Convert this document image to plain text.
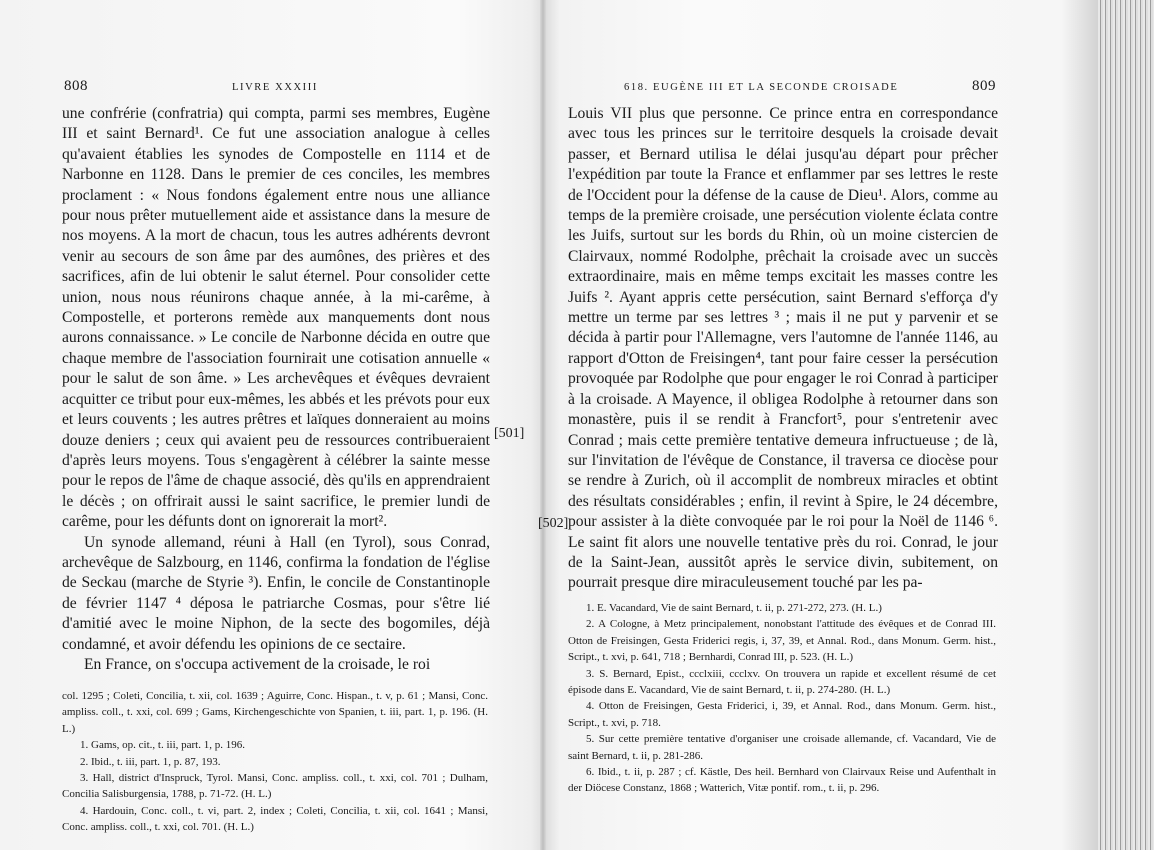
808	LIVRE XXXIII

une confrérie (confratria) qui compta, parmi ses membres, Eugène III et saint Bernard¹. Ce fut une association analogue à celles qu'avaient établies les synodes de Compostelle en 1114 et de Narbonne en 1128. Dans le premier de ces conciles, les membres proclament : « Nous fondons également entre nous une alliance pour nous prêter mutuellement aide et assistance dans la mesure de nos moyens. A la mort de chacun, tous les autres adhérents devront venir au secours de son âme par des aumônes, des prières et des sacrifices, afin de lui obtenir le salut éternel. Pour consolider cette union, nous nous réunirons chaque année, à la mi-carême, à Compostelle, et porterons remède aux manquements dont nous aurons connaissance. » Le concile de Narbonne décida en outre que chaque membre de l'association fournirait une cotisation annuelle « pour le salut de son âme. » Les archevêques et évêques devraient acquitter ce tribut pour eux-mêmes, les abbés et les prévots pour eux et leurs couvents ; les autres prêtres et laïques donneraient au moins douze deniers ; ceux qui avaient peu de ressources contribueraient d'après leurs moyens. Tous s'engagèrent à célébrer la sainte messe pour le repos de l'âme de chaque associé, dès qu'ils en apprendraient le décès ; on offrirait aussi le saint sacrifice, le premier lundi de carême, pour les défunts dont on ignorerait la mort².

Un synode allemand, réuni à Hall (en Tyrol), sous Conrad, archevêque de Salzbourg, en 1146, confirma la fondation de l'église de Seckau (marche de Styrie ³). Enfin, le concile de Constantinople de février 1147 ⁴ déposa le patriarche Cosmas, pour s'être lié d'amitié avec le moine Niphon, de la secte des bogomiles, déjà condamné, et avoir défendu les opinions de ce sectaire.

En France, on s'occupa activement de la croisade, le roi

[501]

col. 1295 ; Coleti, Concilia, t. xii, col. 1639 ; Aguirre, Conc. Hispan., t. v, p. 61 ; Mansi, Conc. ampliss. coll., t. xxi, col. 699 ; Gams, Kirchengeschichte von Spanien, t. iii, part. 1, p. 196. (H. L.)

1. Gams, op. cit., t. iii, part. 1, p. 196.

2. Ibid., t. iii, part. 1, p. 87, 193.

3. Hall, district d'Inspruck, Tyrol. Mansi, Conc. ampliss. coll., t. xxi, col. 701 ; Dulham, Concilia Salisburgensia, 1788, p. 71-72. (H. L.)

4. Hardouin, Conc. coll., t. vi, part. 2, index ; Coleti, Concilia, t. xii, col. 1641 ; Mansi, Conc. ampliss. coll., t. xxi, col. 701. (H. L.)

618. EUGÈNE III ET LA SECONDE CROISADE	809
[502]

Louis VII plus que personne. Ce prince entra en correspondance avec tous les princes sur le territoire desquels la croisade devait passer, et Bernard utilisa le délai jusqu'au départ pour prêcher l'expédition par toute la France et enflammer par ses lettres le reste de l'Occident pour la défense de la cause de Dieu¹. Alors, comme au temps de la première croisade, une persécution violente éclata contre les Juifs, surtout sur les bords du Rhin, où un moine cistercien de Clairvaux, nommé Rodolphe, prêchait la croisade avec un succès extraordinaire, mais en même temps excitait les masses contre les Juifs ². Ayant appris cette persécution, saint Bernard s'efforça d'y mettre un terme par ses lettres ³ ; mais il ne put y parvenir et se décida à partir pour l'Allemagne, vers l'automne de l'année 1146, au rapport d'Otton de Freisingen⁴, tant pour faire cesser la persécution provoquée par Rodolphe que pour engager le roi Conrad à participer à la croisade. A Mayence, il obligea Rodolphe à retourner dans son monastère, puis il se rendit à Francfort⁵, pour s'entretenir avec Conrad ; mais cette première tentative demeura infructueuse ; de là, sur l'invitation de l'évêque de Constance, il traversa ce diocèse pour se rendre à Zurich, où il accomplit de nombreux miracles et obtint des résultats considérables ; enfin, il revint à Spire, le 24 décembre, pour assister à la diète convoquée par le roi pour la Noël de 1146 ⁶. Le saint fit alors une nouvelle tentative près du roi. Conrad, le jour de la Saint-Jean, aussitôt après le service divin, subitement, on pourrait presque dire miraculeusement touché par les pa-

1. E. Vacandard, Vie de saint Bernard, t. ii, p. 271-272, 273. (H. L.)

2. A Cologne, à Metz principalement, nonobstant l'attitude des évêques et de Conrad III. Otton de Freisingen, Gesta Friderici regis, i, 37, 39, et Annal. Rod., dans Monum. Germ. hist., Script., t. xvi, p. 641, 718 ; Bernhardi, Conrad III, p. 523. (H. L.)

3. S. Bernard, Epist., ccclxiii, ccclxv. On trouvera un rapide et excellent résumé de cet épisode dans E. Vacandard, Vie de saint Bernard, t. ii, p. 274-280. (H. L.)

4. Otton de Freisingen, Gesta Friderici, i, 39, et Annal. Rod., dans Monum. Germ. hist., Script., t. xvi, p. 718.

5. Sur cette première tentative d'organiser une croisade allemande, cf. Vacandard, Vie de saint Bernard, t. ii, p. 281-286.

6. Ibid., t. ii, p. 287 ; cf. Kästle, Des heil. Bernhard von Clairvaux Reise und Aufenthalt in der Diöcese Constanz, 1868 ; Watterich, Vitæ pontif. rom., t. ii, p. 296.
